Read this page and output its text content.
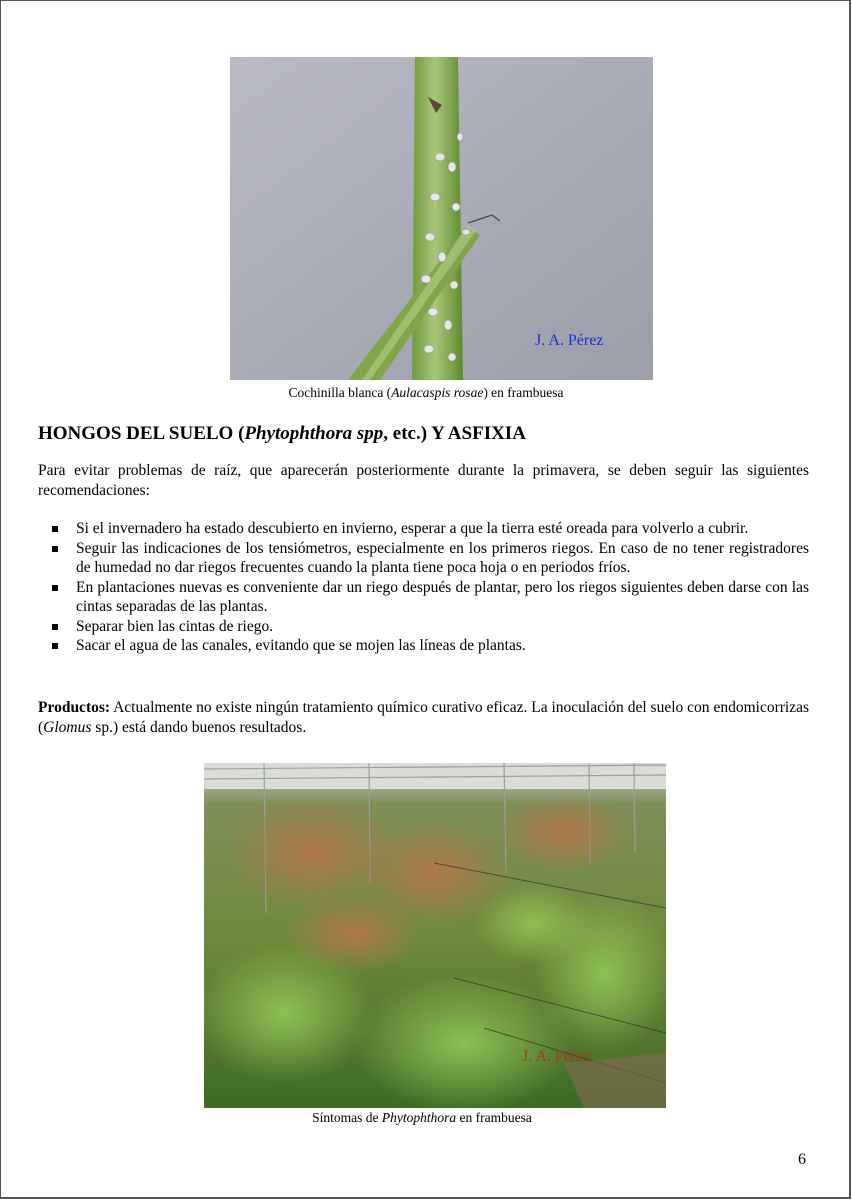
J. A. Pérez
Cochinilla blanca (Aulacaspis rosae) en frambuesa
HONGOS DEL SUELO (Phytophthora spp, etc.) Y ASFIXIA
Para evitar problemas de raíz, que aparecerán posteriormente durante la primavera, se deben seguir las siguientes recomendaciones:
Si el invernadero ha estado descubierto en invierno, esperar a que la tierra esté oreada para volverlo a cubrir.
Seguir las indicaciones de los tensiómetros, especialmente en los primeros riegos. En caso de no tener registradores de humedad no dar riegos frecuentes cuando la planta tiene poca hoja o en periodos fríos.
En plantaciones nuevas es conveniente dar un riego después de plantar, pero los riegos siguientes deben darse con las cintas separadas de las plantas.
Separar bien las cintas de riego.
Sacar el agua de las canales, evitando que se mojen las líneas de plantas.
Productos: Actualmente no existe ningún tratamiento químico curativo eficaz. La inoculación del suelo con endomicorrizas (Glomus sp.) está dando buenos resultados.
J. A. Pérez
Síntomas de Phytophthora en frambuesa
6
